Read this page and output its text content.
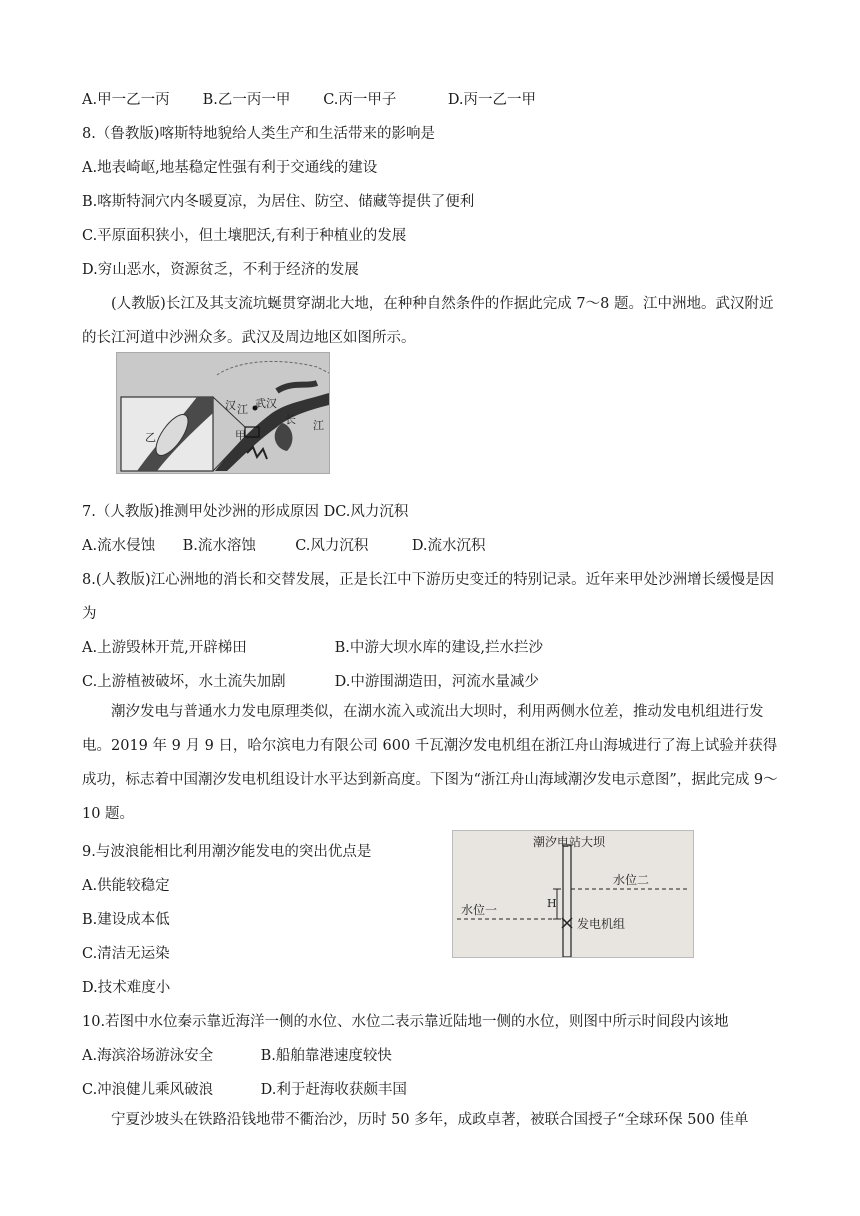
A.甲一乙一丙 B.乙一丙一甲 C.丙一甲子	D.丙一乙一甲
8.（鲁教版)喀斯特地貌给人类生产和生活带来的影响是
A.地表崎岖,地基稳定性强有利于交通线的建设
B.喀斯特洞穴内冬暖夏凉，为居住、防空、储藏等提供了便利
C.平原面积狭小，但土壤肥沃,有利于种植业的发展
D.穷山恶水，资源贫乏，不利于经济的发展

(人教版)长江及其支流坑蜒贯穿湖北大地，在种种自然条件的作据此完成 7～8 题。江中洲地。武汉附近的长江河道中沙洲众多。武汉及周边地区如图所示。

汉 江 武汉
长 江
甲
乙
7.（人教版)推测甲处沙洲的形成原因 DC.风力沉积
A.流水侵蚀 B.流水溶蚀	C.风力沉积	D.流水沉积

8.(人教版)江心洲地的消长和交替发展，正是长江中下游历史变迁的特别记录。近年来甲处沙洲增长缓慢是因为

A.上游毁林开荒,开辟梯田	B.中游大坝水库的建设,拦水拦沙
C.上游植被破坏，水土流失加剧	D.中游围湖造田，河流水量减少

潮汐发电与普通水力发电原理类似，在湖水流入或流出大坝时，利用两侧水位差，推动发电机组进行发电。2019 年 9 月 9 日，哈尔滨电力有限公司 600 千瓦潮汐发电机组在浙江舟山海城进行了海上试验并获得成功，标志着中国潮汐发电机组设计水平达到新高度。下图为“浙江舟山海域潮汐发电示意图”，据此完成 9～10 题。

9.与波浪能相比利用潮汐能发电的突出优点是
A.供能较稳定
B.建设成本低
C.清洁无运染
D.技术难度小
潮汐电站大坝
水位二
水位一	H
发电机组
10.若图中水位秦示靠近海洋一侧的水位、水位二表示靠近陆地一侧的水位，则图中所示时间段内该地
A.海滨浴场游泳安全	B.船舶靠港速度较快
C.冲浪健儿乘风破浪	D.利于赶海收获颇丰国

宁夏沙坡头在铁路沿钱地带不衢治沙，历时 50 多年，成政卓著，被联合国授子“全球环保 500 佳单
